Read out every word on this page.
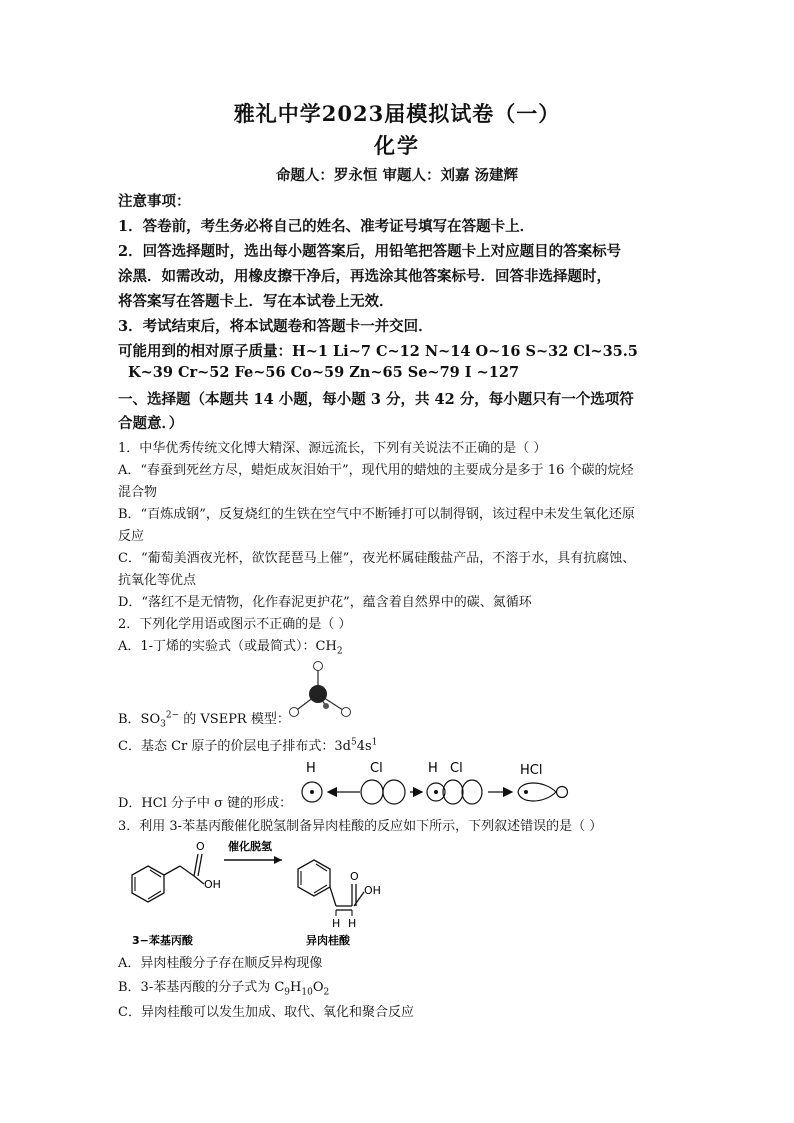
雅礼中学2023届模拟试卷（一）
化学
命题人：罗永恒 审题人：刘嘉 汤建辉
注意事项：
1．答卷前，考生务必将自己的姓名、准考证号填写在答题卡上．
2．回答选择题时，选出每小题答案后，用铅笔把答题卡上对应题目的答案标号
涂黑．如需改动，用橡皮擦干净后，再选涂其他答案标号．回答非选择题时，
将答案写在答题卡上．写在本试卷上无效．
3．考试结束后，将本试题卷和答题卡一并交回．
可能用到的相对原子质量：H~1 Li~7 C~12 N~14 O~16 S~32 Cl~35.5
K~39 Cr~52 Fe~56 Co~59 Zn~65 Se~79 I ~127
一、选择题（本题共 14 小题，每小题 3 分，共 42 分，每小题只有一个选项符
合题意．）
1．中华优秀传统文化博大精深、源远流长，下列有关说法不正确的是（ ）
A．“春蚕到死丝方尽，蜡炬成灰泪始干”，现代用的蜡烛的主要成分是多于 16 个碳的烷烃
混合物
B．“百炼成钢”，反复烧红的生铁在空气中不断锤打可以制得钢，该过程中未发生氧化还原
反应
C．“葡萄美酒夜光杯，欲饮琵琶马上催”，夜光杯属硅酸盐产品，不溶于水，具有抗腐蚀、
抗氧化等优点
D．“落红不是无情物，化作春泥更护花”，蕴含着自然界中的碳、氮循环
2．下列化学用语或图示不正确的是（ ）
A．1-丁烯的实验式（或最简式）：$CH_2$
B．$SO_3^{2-}$ 的 VSEPR 模型：
C．基态 Cr 原子的价层电子排布式：$3d^54s^1$
H	Cl	H Cl	HCl
D．HCl 分子中 σ 键的形成：
3．利用 3-苯基丙酸催化脱氢制备异肉桂酸的反应如下所示，下列叙述错误的是（ ）
O
OH
催化脱氢
O
OH
H H
3−苯基丙酸	异肉桂酸
A．异肉桂酸分子存在顺反异构现像
B．3-苯基丙酸的分子式为 $C_9H_{10}O_2$
C．异肉桂酸可以发生加成、取代、氧化和聚合反应
